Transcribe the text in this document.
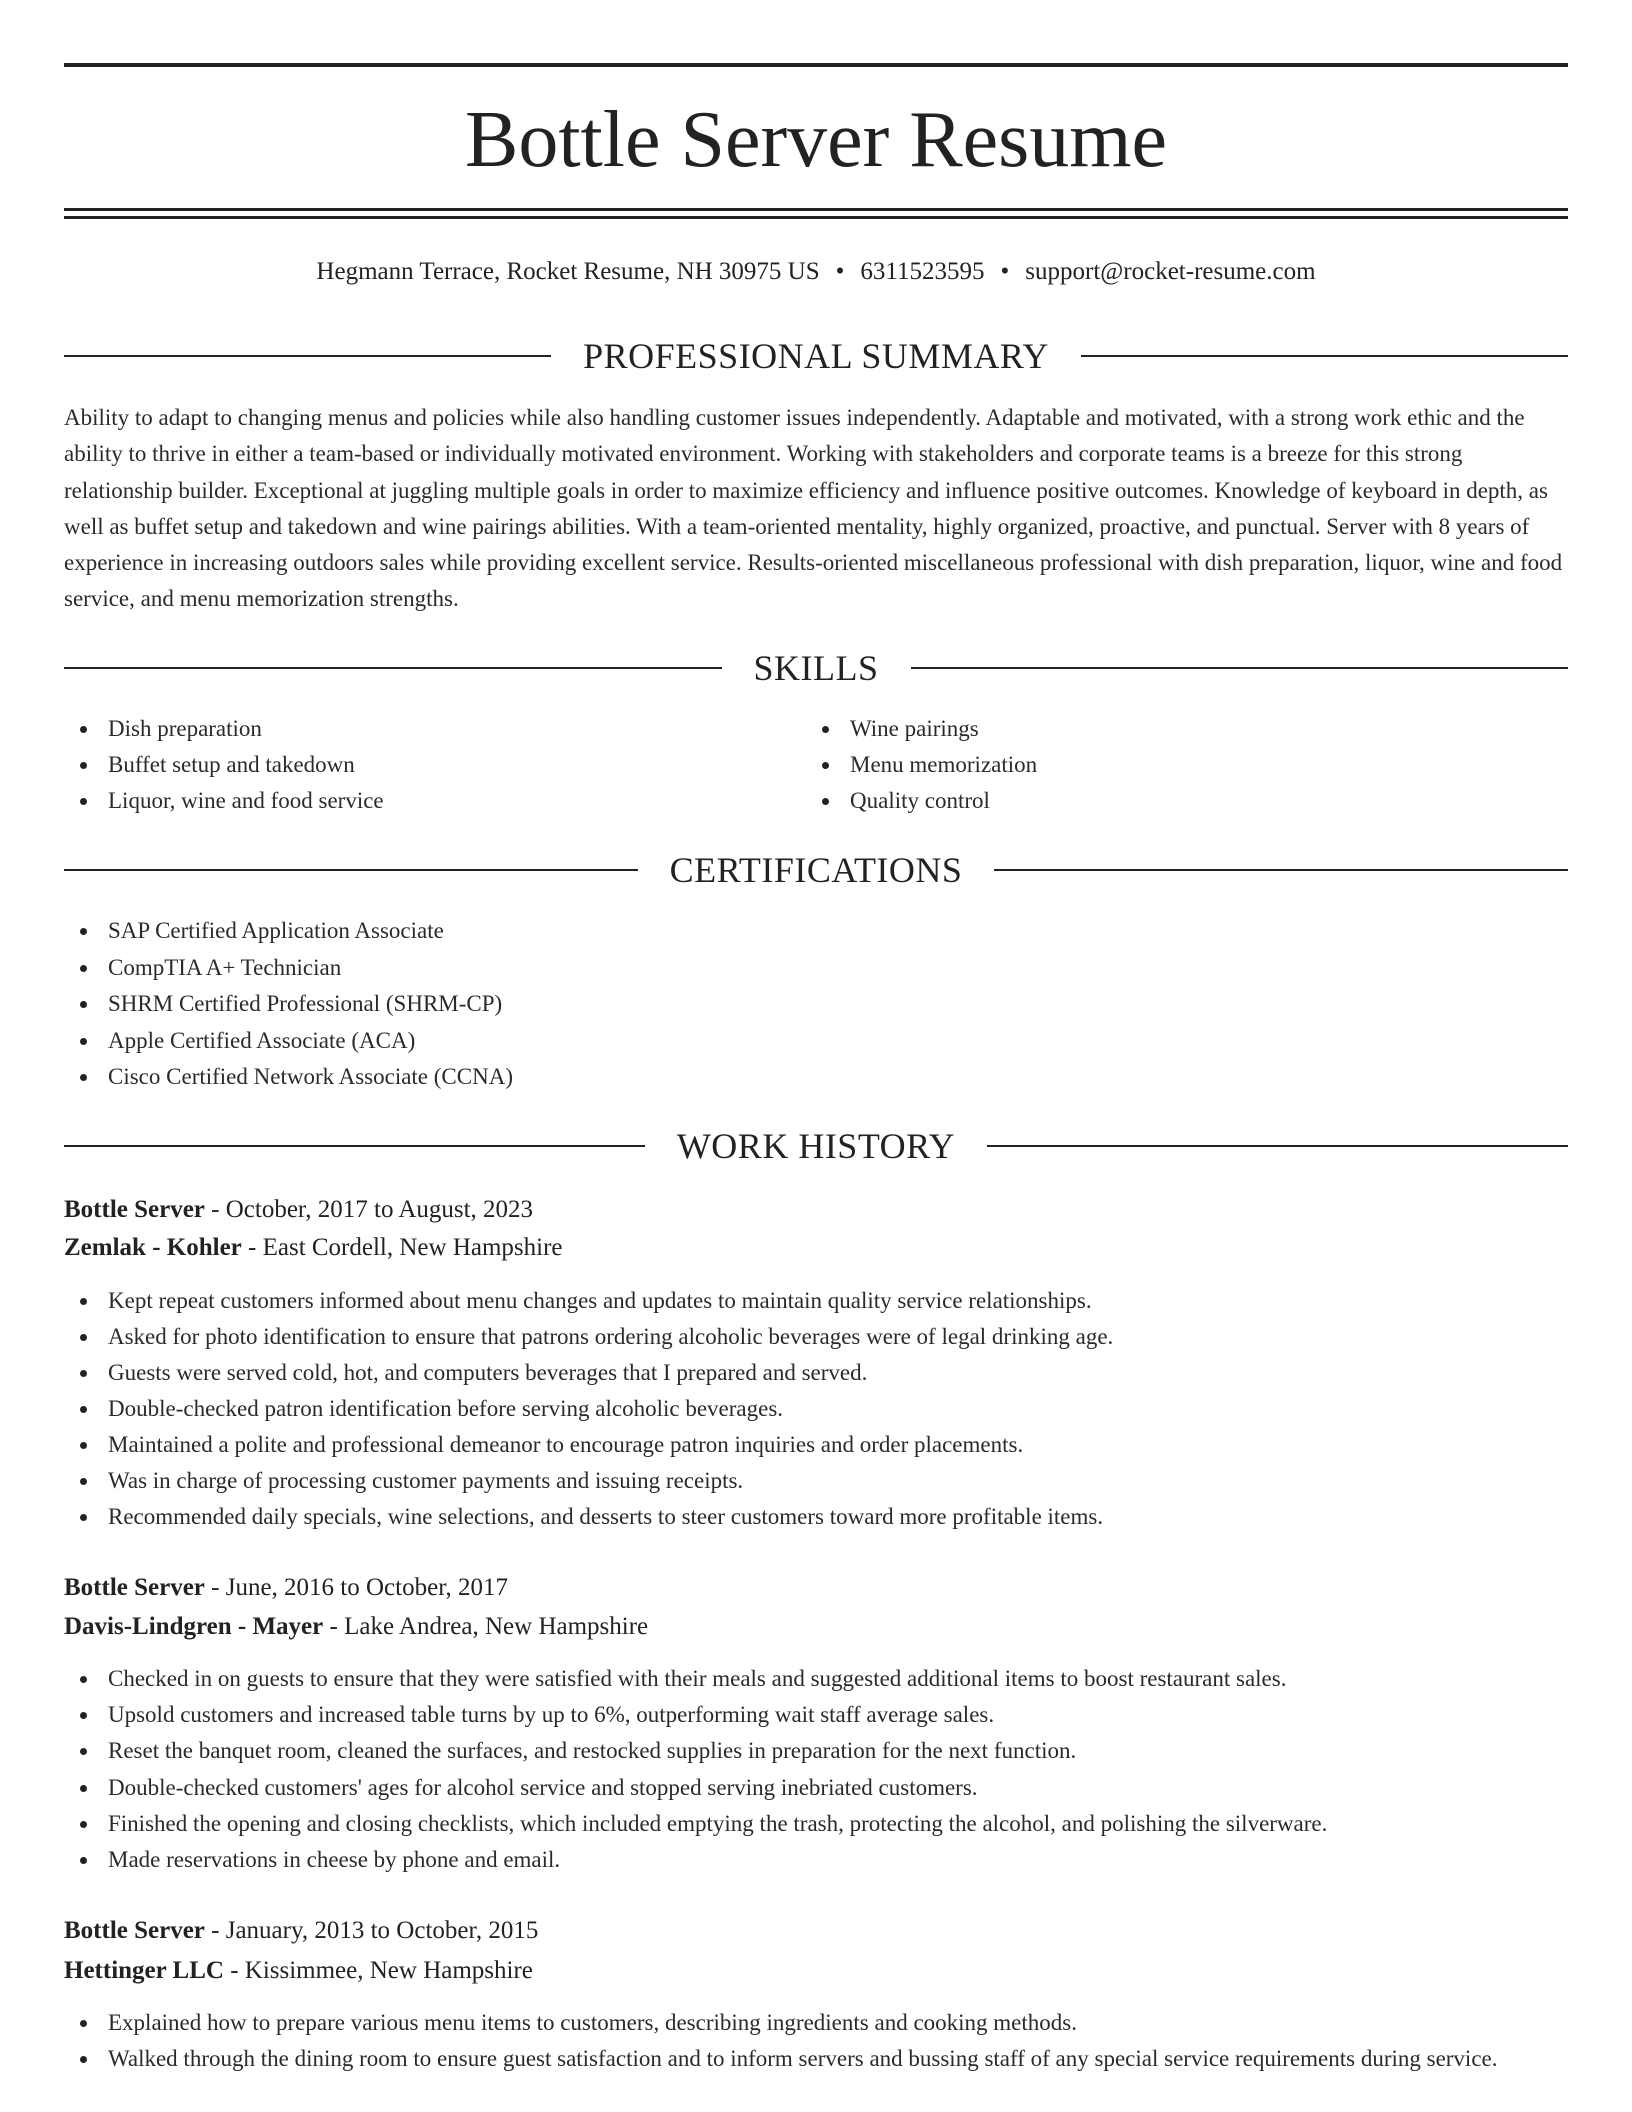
Bottle Server Resume
Hegmann Terrace, Rocket Resume, NH 30975 US • 6311523595 • support@rocket-resume.com
PROFESSIONAL SUMMARY

Ability to adapt to changing menus and policies while also handling customer issues independently. Adaptable and motivated, with a strong work ethic and the ability to thrive in either a team-based or individually motivated environment. Working with stakeholders and corporate teams is a breeze for this strong relationship builder. Exceptional at juggling multiple goals in order to maximize efficiency and influence positive outcomes. Knowledge of keyboard in depth, as well as buffet setup and takedown and wine pairings abilities. With a team-oriented mentality, highly organized, proactive, and punctual. Server with 8 years of experience in increasing outdoors sales while providing excellent service. Results-oriented miscellaneous professional with dish preparation, liquor, wine and food service, and menu memorization strengths.

SKILLS
Dish preparation
Buffet setup and takedown
Liquor, wine and food service
Wine pairings
Menu memorization
Quality control
CERTIFICATIONS
SAP Certified Application Associate
CompTIA A+ Technician
SHRM Certified Professional (SHRM-CP)
Apple Certified Associate (ACA)
Cisco Certified Network Associate (CCNA)
WORK HISTORY
Bottle Server - October, 2017 to August, 2023
Zemlak - Kohler - East Cordell, New Hampshire
Kept repeat customers informed about menu changes and updates to maintain quality service relationships.
Asked for photo identification to ensure that patrons ordering alcoholic beverages were of legal drinking age.
Guests were served cold, hot, and computers beverages that I prepared and served.
Double-checked patron identification before serving alcoholic beverages.
Maintained a polite and professional demeanor to encourage patron inquiries and order placements.
Was in charge of processing customer payments and issuing receipts.
Recommended daily specials, wine selections, and desserts to steer customers toward more profitable items.
Bottle Server - June, 2016 to October, 2017
Davis-Lindgren - Mayer - Lake Andrea, New Hampshire
Checked in on guests to ensure that they were satisfied with their meals and suggested additional items to boost restaurant sales.
Upsold customers and increased table turns by up to 6%, outperforming wait staff average sales.
Reset the banquet room, cleaned the surfaces, and restocked supplies in preparation for the next function.
Double-checked customers' ages for alcohol service and stopped serving inebriated customers.
Finished the opening and closing checklists, which included emptying the trash, protecting the alcohol, and polishing the silverware.
Made reservations in cheese by phone and email.
Bottle Server - January, 2013 to October, 2015
Hettinger LLC - Kissimmee, New Hampshire
Explained how to prepare various menu items to customers, describing ingredients and cooking methods.
Walked through the dining room to ensure guest satisfaction and to inform servers and bussing staff of any special service requirements during service.
